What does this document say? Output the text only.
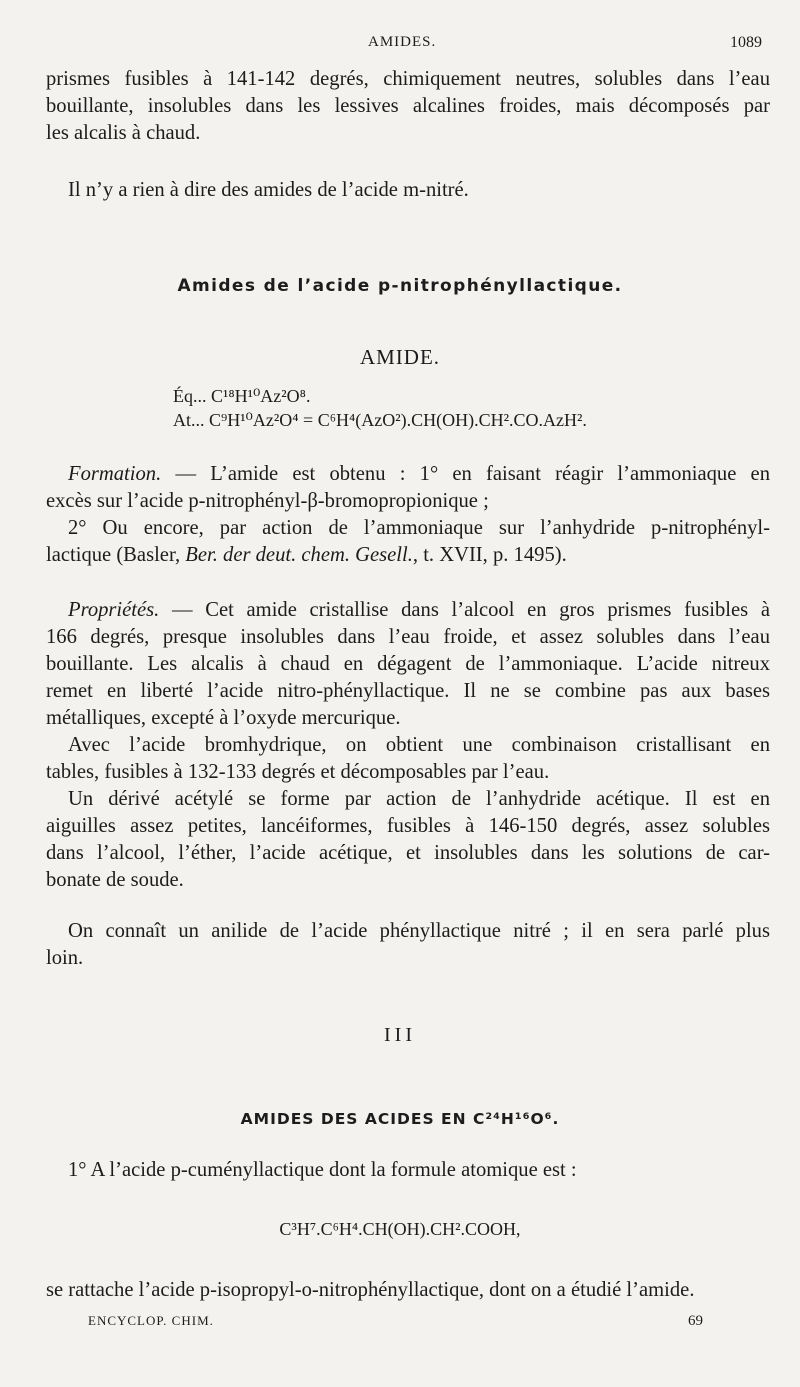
AMIDES.	1089
prismes fusibles à 141-142 degrés, chimiquement neutres, solubles dans l’eau
bouillante, insolubles dans les lessives alcalines froides, mais décomposés par
les alcalis à chaud.
Il n’y a rien à dire des amides de l’acide m-nitré.
Amides de l’acide p-nitrophényllactique.
AMIDE.
Éq... C¹⁸H¹⁰Az²O⁸.
At... C⁹H¹⁰Az²O⁴ = C⁶H⁴(AzO²).CH(OH).CH².CO.AzH².
Formation. — L’amide est obtenu : 1° en faisant réagir l’ammoniaque en
excès sur l’acide p-nitrophényl-β-bromopropionique ;
2° Ou encore, par action de l’ammoniaque sur l’anhydride p-nitrophényl-
lactique (Basler, Ber. der deut. chem. Gesell., t. XVII, p. 1495).
Propriétés. — Cet amide cristallise dans l’alcool en gros prismes fusibles à
166 degrés, presque insolubles dans l’eau froide, et assez solubles dans l’eau
bouillante. Les alcalis à chaud en dégagent de l’ammoniaque. L’acide nitreux
remet en liberté l’acide nitro-phényllactique. Il ne se combine pas aux bases
métalliques, excepté à l’oxyde mercurique.
Avec l’acide bromhydrique, on obtient une combinaison cristallisant en
tables, fusibles à 132-133 degrés et décomposables par l’eau.
Un dérivé acétylé se forme par action de l’anhydride acétique. Il est en
aiguilles assez petites, lancéiformes, fusibles à 146-150 degrés, assez solubles
dans l’alcool, l’éther, l’acide acétique, et insolubles dans les solutions de car-
bonate de soude.
On connaît un anilide de l’acide phényllactique nitré ; il en sera parlé plus
loin.
III
AMIDES DES ACIDES EN C²⁴H¹⁶O⁶.
1° A l’acide p-cuményllactique dont la formule atomique est :
C³H⁷.C⁶H⁴.CH(OH).CH².COOH,
se rattache l’acide p-isopropyl-o-nitrophényllactique, dont on a étudié l’amide.
ENCYCLOP. CHIM.	69
